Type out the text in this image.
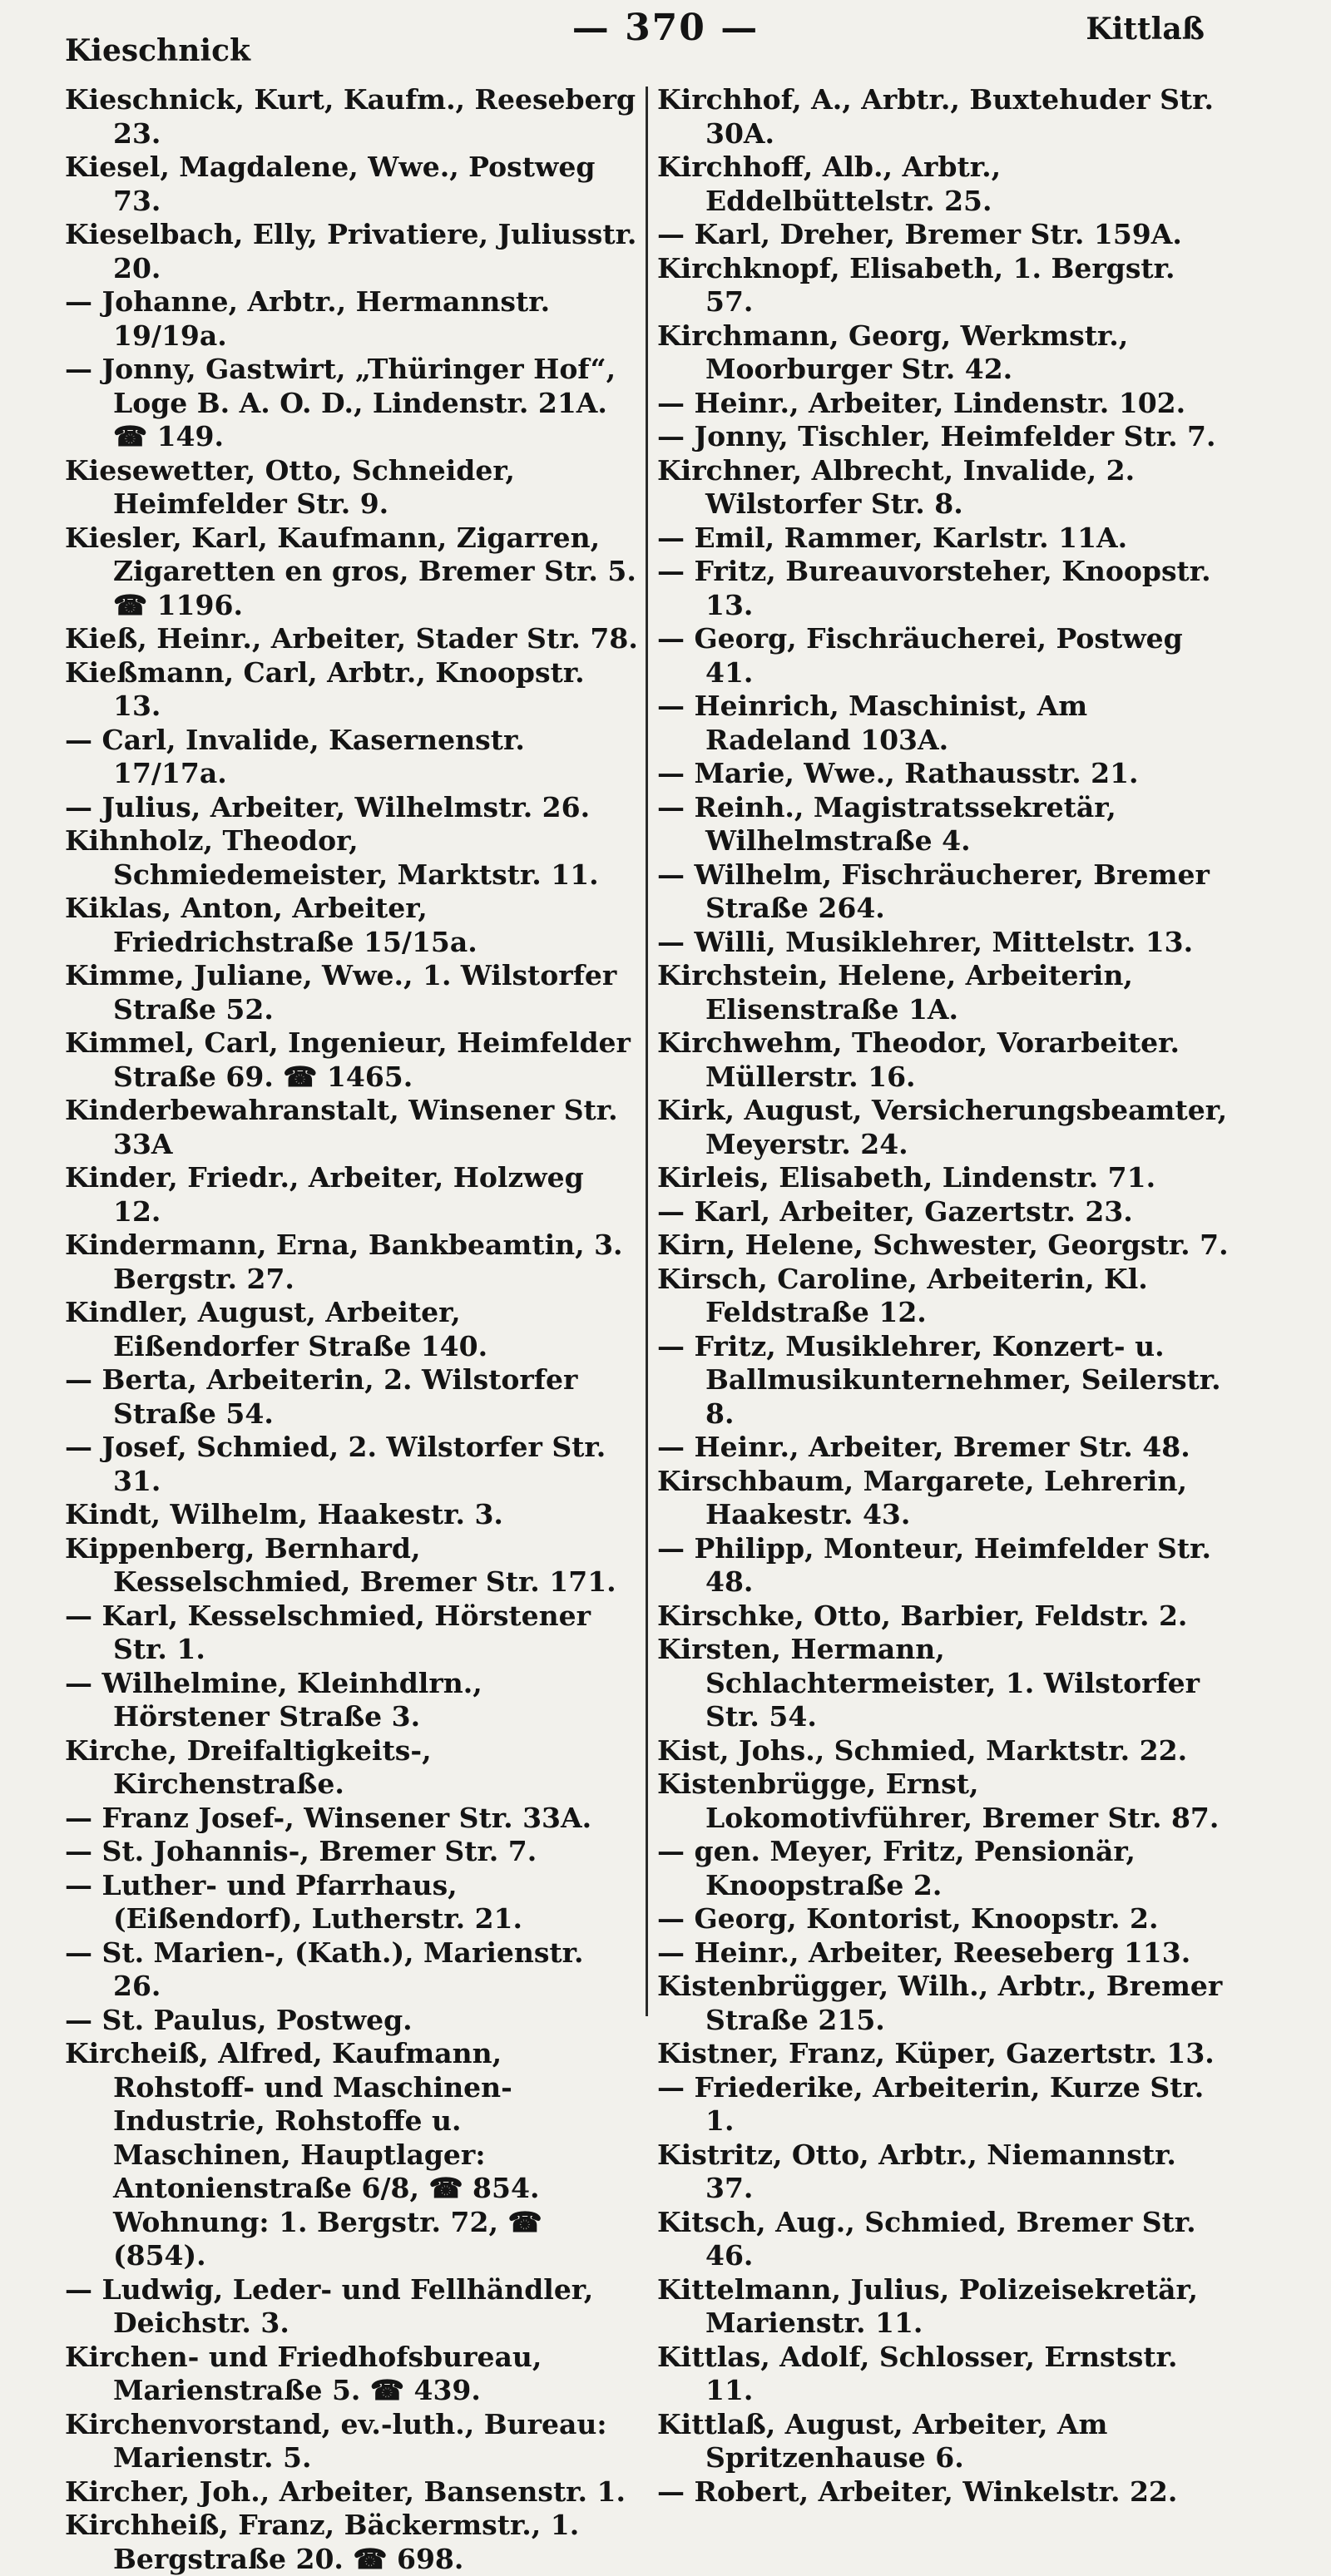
Kieschnick
— 370 —	Kittlaß

Kieschnick, Kurt, Kaufm., Reeseberg 23.

Kiesel, Magdalene, Wwe., Postweg 73.

Kieselbach, Elly, Privatiere, Juliusstr. 20.

— Johanne, Arbtr., Hermannstr. 19/19a.

— Jonny, Gastwirt, „Thüringer Hof“, Loge B. A. O. D., Lindenstr. 21A. ☎ 149.

Kiesewetter, Otto, Schneider, Heimfelder Str. 9.

Kiesler, Karl, Kaufmann, Zigarren, Zigaretten en gros, Bremer Str. 5. ☎ 1196.

Kieß, Heinr., Arbeiter, Stader Str. 78.

Kießmann, Carl, Arbtr., Knoopstr. 13.

— Carl, Invalide, Kasernenstr. 17/17a.

— Julius, Arbeiter, Wilhelmstr. 26.

Kihnholz, Theodor, Schmiedemeister, Marktstr. 11.

Kiklas, Anton, Arbeiter, Friedrichstraße 15/15a.

Kimme, Juliane, Wwe., 1. Wilstorfer Straße 52.

Kimmel, Carl, Ingenieur, Heimfelder Straße 69. ☎ 1465.

Kinderbewahranstalt, Winsener Str. 33A

Kinder, Friedr., Arbeiter, Holzweg 12.

Kindermann, Erna, Bankbeamtin, 3. Bergstr. 27.

Kindler, August, Arbeiter, Eißendorfer Straße 140.

— Berta, Arbeiterin, 2. Wilstorfer Straße 54.

— Josef, Schmied, 2. Wilstorfer Str. 31.

Kindt, Wilhelm, Haakestr. 3.

Kippenberg, Bernhard, Kesselschmied, Bremer Str. 171.

— Karl, Kesselschmied, Hörstener Str. 1.

— Wilhelmine, Kleinhdlrn., Hörstener Straße 3.

Kirche, Dreifaltigkeits-, Kirchenstraße.

— Franz Josef-, Winsener Str. 33A.

— St. Johannis-, Bremer Str. 7.

— Luther- und Pfarrhaus, (Eißendorf), Lutherstr. 21.

— St. Marien-, (Kath.), Marienstr. 26.

— St. Paulus, Postweg.

Kircheiß, Alfred, Kaufmann, Rohstoff- und Maschinen-Industrie, Rohstoffe u. Maschinen, Hauptlager: Antonienstraße 6/8, ☎ 854. Wohnung: 1. Bergstr. 72, ☎ (854).

— Ludwig, Leder- und Fellhändler, Deichstr. 3.

Kirchen- und Friedhofsbureau, Marienstraße 5. ☎ 439.

Kirchenvorstand, ev.-luth., Bureau: Marienstr. 5.

Kircher, Joh., Arbeiter, Bansenstr. 1.

Kirchheiß, Franz, Bäckermstr., 1. Bergstraße 20. ☎ 698.

Kirchhof, A., Arbtr., Buxtehuder Str. 30A.

Kirchhoff, Alb., Arbtr., Eddelbüttelstr. 25.

— Karl, Dreher, Bremer Str. 159A.

Kirchknopf, Elisabeth, 1. Bergstr. 57.

Kirchmann, Georg, Werkmstr., Moorburger Str. 42.

— Heinr., Arbeiter, Lindenstr. 102.

— Jonny, Tischler, Heimfelder Str. 7.

Kirchner, Albrecht, Invalide, 2. Wilstorfer Str. 8.

— Emil, Rammer, Karlstr. 11A.

— Fritz, Bureauvorsteher, Knoopstr. 13.

— Georg, Fischräucherei, Postweg 41.

— Heinrich, Maschinist, Am Radeland 103A.

— Marie, Wwe., Rathausstr. 21.

— Reinh., Magistratssekretär, Wilhelmstraße 4.

— Wilhelm, Fischräucherer, Bremer Straße 264.

— Willi, Musiklehrer, Mittelstr. 13.

Kirchstein, Helene, Arbeiterin, Elisenstraße 1A.

Kirchwehm, Theodor, Vorarbeiter. Müllerstr. 16.

Kirk, August, Versicherungsbeamter, Meyerstr. 24.

Kirleis, Elisabeth, Lindenstr. 71.

— Karl, Arbeiter, Gazertstr. 23.

Kirn, Helene, Schwester, Georgstr. 7.

Kirsch, Caroline, Arbeiterin, Kl. Feldstraße 12.

— Fritz, Musiklehrer, Konzert- u. Ballmusikunternehmer, Seilerstr. 8.

— Heinr., Arbeiter, Bremer Str. 48.

Kirschbaum, Margarete, Lehrerin, Haakestr. 43.

— Philipp, Monteur, Heimfelder Str. 48.

Kirschke, Otto, Barbier, Feldstr. 2.

Kirsten, Hermann, Schlachtermeister, 1. Wilstorfer Str. 54.

Kist, Johs., Schmied, Marktstr. 22.

Kistenbrügge, Ernst, Lokomotivführer, Bremer Str. 87.

— gen. Meyer, Fritz, Pensionär, Knoopstraße 2.

— Georg, Kontorist, Knoopstr. 2.

— Heinr., Arbeiter, Reeseberg 113.

Kistenbrügger, Wilh., Arbtr., Bremer Straße 215.

Kistner, Franz, Küper, Gazertstr. 13.

— Friederike, Arbeiterin, Kurze Str. 1.

Kistritz, Otto, Arbtr., Niemannstr. 37.

Kitsch, Aug., Schmied, Bremer Str. 46.

Kittelmann, Julius, Polizeisekretär, Marienstr. 11.

Kittlas, Adolf, Schlosser, Ernststr. 11.

Kittlaß, August, Arbeiter, Am Spritzenhause 6.

— Robert, Arbeiter, Winkelstr. 22.
